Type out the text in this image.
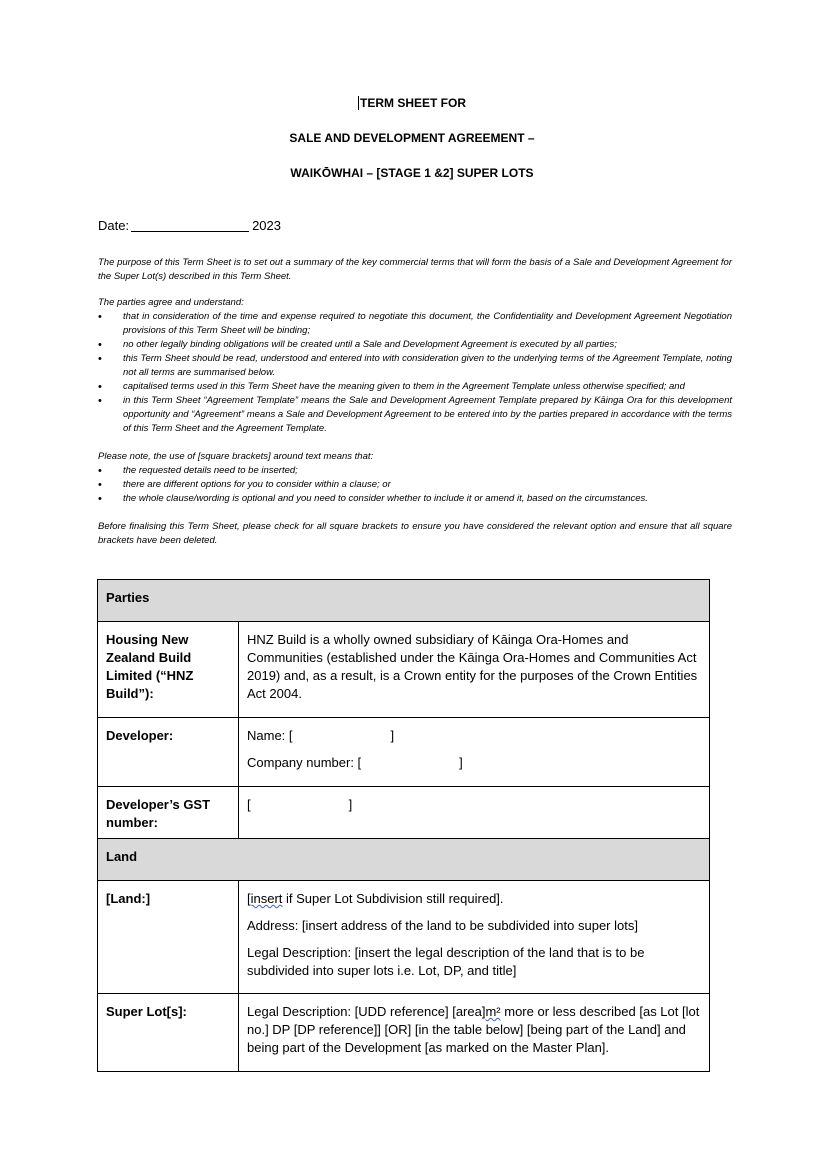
TERM SHEET FOR
SALE AND DEVELOPMENT AGREEMENT –
WAIKŌWHAI – [STAGE 1 &2] SUPER LOTS
Date:	2023
The purpose of this Term Sheet is to set out a summary of the key commercial terms that will form the basis of a Sale and Development Agreement for the Super Lot(s) described in this Term Sheet.
The parties agree and understand:
• that in consideration of the time and expense required to negotiate this document, the Confidentiality and Development Agreement Negotiation provisions of this Term Sheet will be binding;
• no other legally binding obligations will be created until a Sale and Development Agreement is executed by all parties;
• this Term Sheet should be read, understood and entered into with consideration given to the underlying terms of the Agreement Template, noting not all terms are summarised below.
• capitalised terms used in this Term Sheet have the meaning given to them in the Agreement Template unless otherwise specified; and
• in this Term Sheet “Agreement Template” means the Sale and Development Agreement Template prepared by Kāinga Ora for this development opportunity and “Agreement” means a Sale and Development Agreement to be entered into by the parties prepared in accordance with the terms of this Term Sheet and the Agreement Template.
Please note, the use of [square brackets] around text means that:
• the requested details need to be inserted;
• there are different options for you to consider within a clause; or
• the whole clause/wording is optional and you need to consider whether to include it or amend it, based on the circumstances.
Before finalising this Term Sheet, please check for all square brackets to ensure you have considered the relevant option and ensure that all square brackets have been deleted.
Parties	
Housing New Zealand Build Limited (“HNZ Build”):	HNZ Build is a wholly owned subsidiary of Kāinga Ora-Homes and Communities (established under the Kāinga Ora-Homes and Communities Act 2019) and, as a result, is a Crown entity for the purposes of the Crown Entities Act 2004.

Developer:	Name: [ ]

Company number: [ ]

Developer’s GST number:	[ ]

Land	
[Land:]	[insert if Super Lot Subdivision still required].

Address: [insert address of the land to be subdivided into super lots]

Legal Description: [insert the legal description of the land that is to be subdivided into super lots i.e. Lot, DP, and title]

Super Lot[s]:	Legal Description: [UDD reference] [area]m² more or less described [as Lot [lot no.] DP [DP reference]] [OR] [in the table below] [being part of the Land] and being part of the Development [as marked on the Master Plan].
